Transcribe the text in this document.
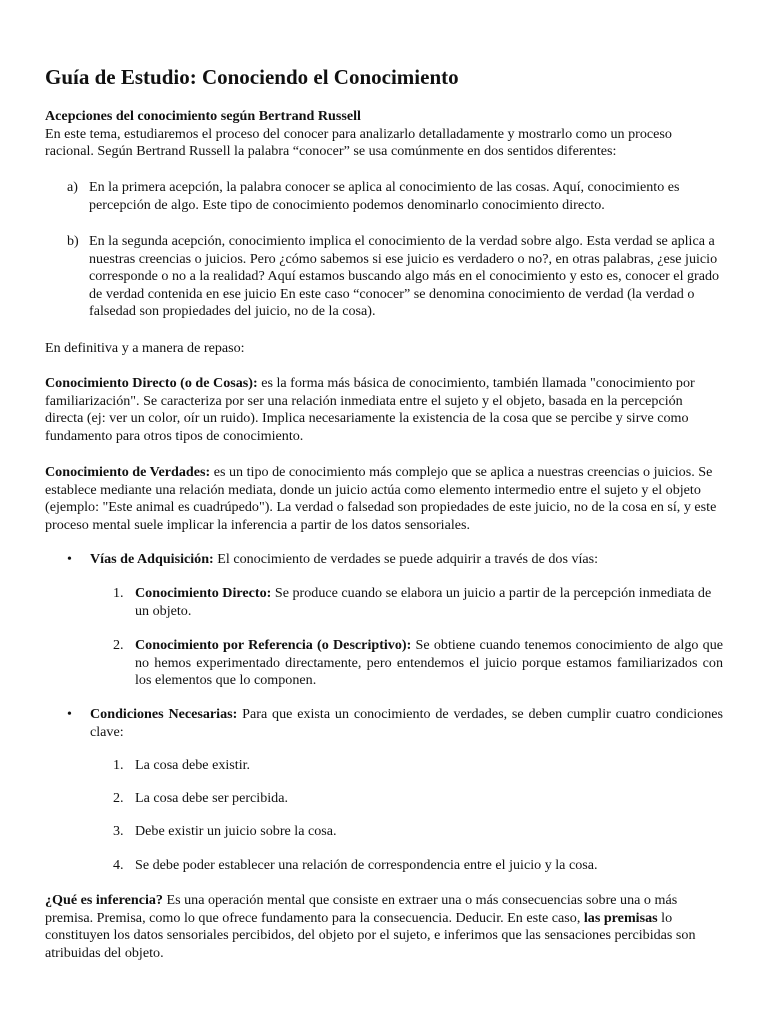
Guía de Estudio: Conociendo el Conocimiento
Acepciones del conocimiento según Bertrand Russell
En este tema, estudiaremos el proceso del conocer para analizarlo detalladamente y mostrarlo como un proceso racional. Según Bertrand Russell la palabra “conocer” se usa comúnmente en dos sentidos diferentes:
a) En la primera acepción, la palabra conocer se aplica al conocimiento de las cosas. Aquí, conocimiento es percepción de algo. Este tipo de conocimiento podemos denominarlo conocimiento directo.
b) En la segunda acepción, conocimiento implica el conocimiento de la verdad sobre algo. Esta verdad se aplica a nuestras creencias o juicios. Pero ¿cómo sabemos si ese juicio es verdadero o no?, en otras palabras, ¿ese juicio corresponde o no a la realidad? Aquí estamos buscando algo más en el conocimiento y esto es, conocer el grado de verdad contenida en ese juicio En este caso “conocer” se denomina conocimiento de verdad (la verdad o falsedad son propiedades del juicio, no de la cosa).
En definitiva y a manera de repaso:
Conocimiento Directo (o de Cosas): es la forma más básica de conocimiento, también llamada "conocimiento por familiarización". Se caracteriza por ser una relación inmediata entre el sujeto y el objeto, basada en la percepción directa (ej: ver un color, oír un ruido). Implica necesariamente la existencia de la cosa que se percibe y sirve como fundamento para otros tipos de conocimiento.
Conocimiento de Verdades: es un tipo de conocimiento más complejo que se aplica a nuestras creencias o juicios. Se establece mediante una relación mediata, donde un juicio actúa como elemento intermedio entre el sujeto y el objeto (ejemplo: "Este animal es cuadrúpedo"). La verdad o falsedad son propiedades de este juicio, no de la cosa en sí, y este proceso mental suele implicar la inferencia a partir de los datos sensoriales.
• Vías de Adquisición: El conocimiento de verdades se puede adquirir a través de dos vías:
1. Conocimiento Directo: Se produce cuando se elabora un juicio a partir de la percepción inmediata de un objeto.
2. Conocimiento por Referencia (o Descriptivo): Se obtiene cuando tenemos conocimiento de algo que no hemos experimentado directamente, pero entendemos el juicio porque estamos familiarizados con los elementos que lo componen.
• Condiciones Necesarias: Para que exista un conocimiento de verdades, se deben cumplir cuatro condiciones clave:
1. La cosa debe existir.
2. La cosa debe ser percibida.
3. Debe existir un juicio sobre la cosa.
4. Se debe poder establecer una relación de correspondencia entre el juicio y la cosa.
¿Qué es inferencia? Es una operación mental que consiste en extraer una o más consecuencias sobre una o más premisa. Premisa, como lo que ofrece fundamento para la consecuencia. Deducir. En este caso, las premisas lo constituyen los datos sensoriales percibidos, del objeto por el sujeto, e inferimos que las sensaciones percibidas son atribuidas del objeto.
